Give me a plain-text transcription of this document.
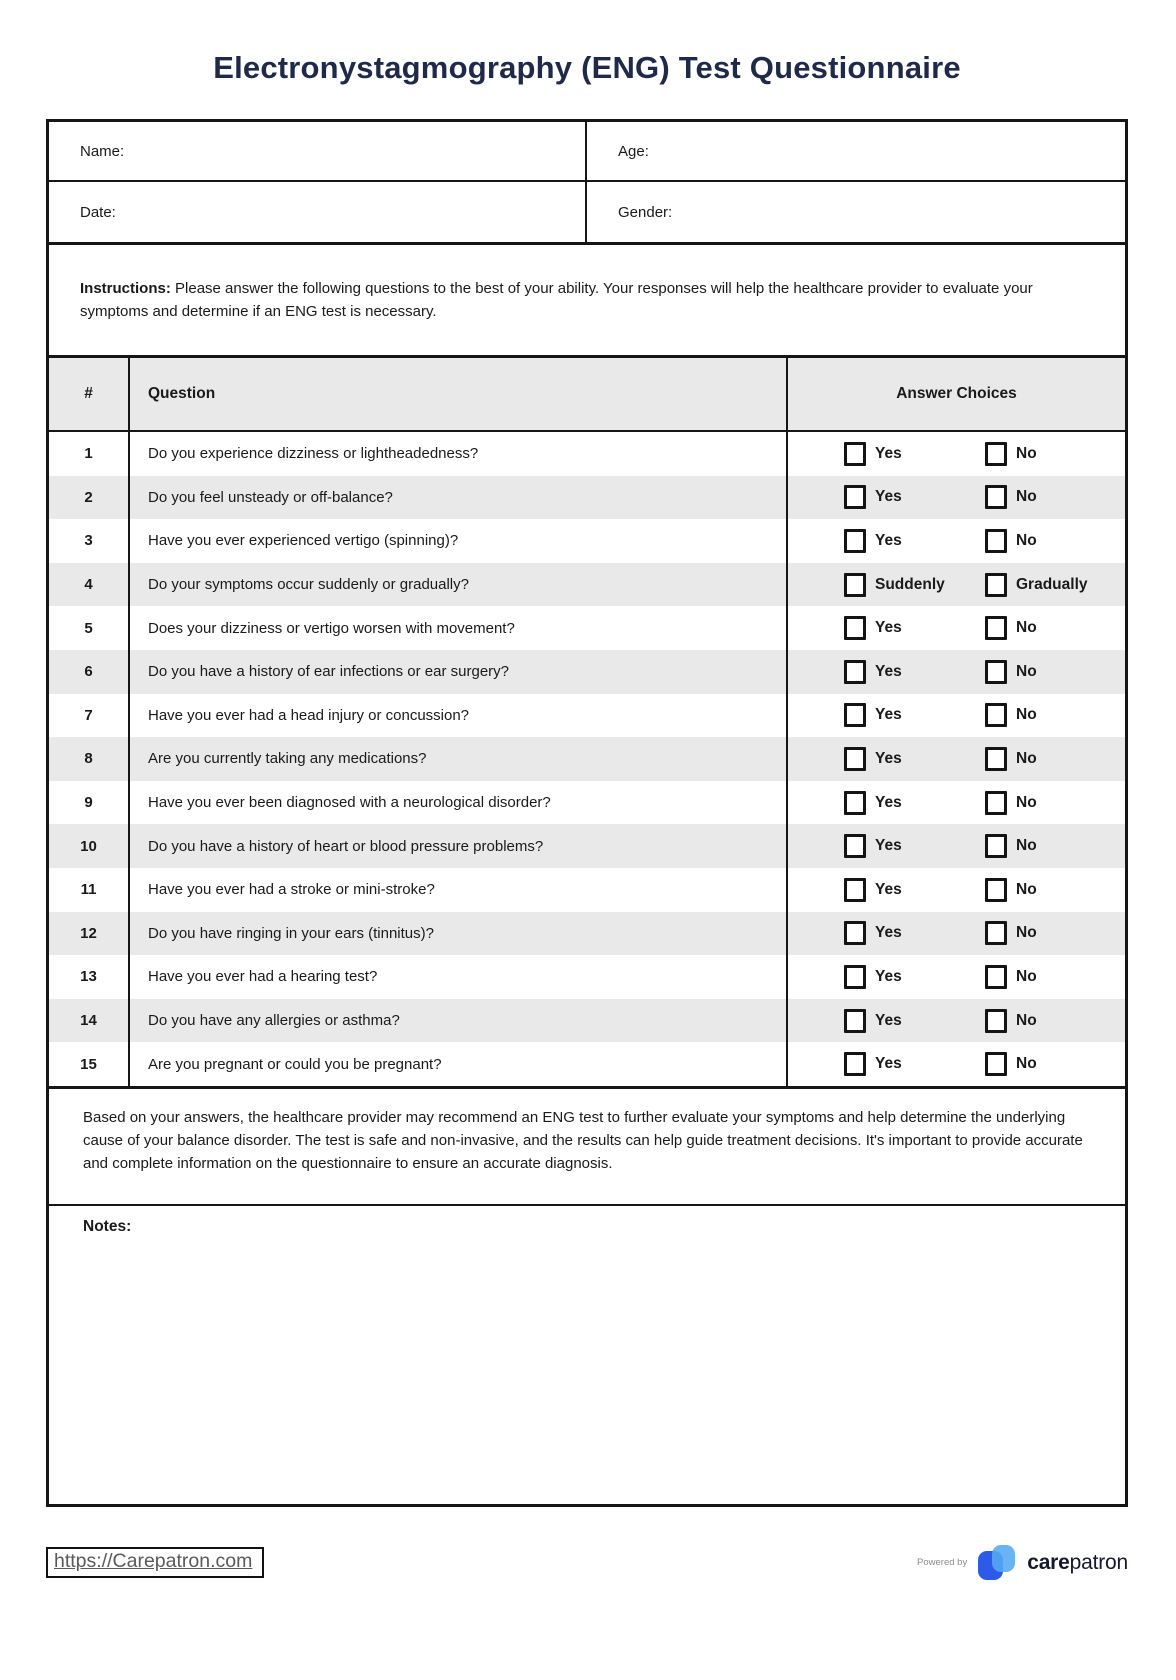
Electronystagmography (ENG) Test Questionnaire
Name:	Age:
Date:	Gender:

Instructions: Please answer the following questions to the best of your ability. Your responses will help the healthcare provider to evaluate your symptoms and determine if an ENG test is necessary.

#	Question	Answer Choices
1	Do you experience dizziness or lightheadedness?	Yes	No
2	Do you feel unsteady or off-balance?	Yes	No
3	Have you ever experienced vertigo (spinning)?	Yes	No
4	Do your symptoms occur suddenly or gradually?	Suddenly	Gradually
5	Does your dizziness or vertigo worsen with movement?	Yes	No
6	Do you have a history of ear infections or ear surgery?	Yes	No
7	Have you ever had a head injury or concussion?	Yes	No
8	Are you currently taking any medications?	Yes	No
9	Have you ever been diagnosed with a neurological disorder?	Yes	No
10	Do you have a history of heart or blood pressure problems?	Yes	No
11	Have you ever had a stroke or mini-stroke?	Yes	No
12	Do you have ringing in your ears (tinnitus)?	Yes	No
13	Have you ever had a hearing test?	Yes	No
14	Do you have any allergies or asthma?	Yes	No
15	Are you pregnant or could you be pregnant?	Yes	No

Based on your answers, the healthcare provider may recommend an ENG test to further evaluate your symptoms and help determine the underlying cause of your balance disorder. The test is safe and non-invasive, and the results can help guide treatment decisions. It's important to provide accurate and complete information on the questionnaire to ensure an accurate diagnosis.

Notes:
https://Carepatron.com	Powered by	carepatron
